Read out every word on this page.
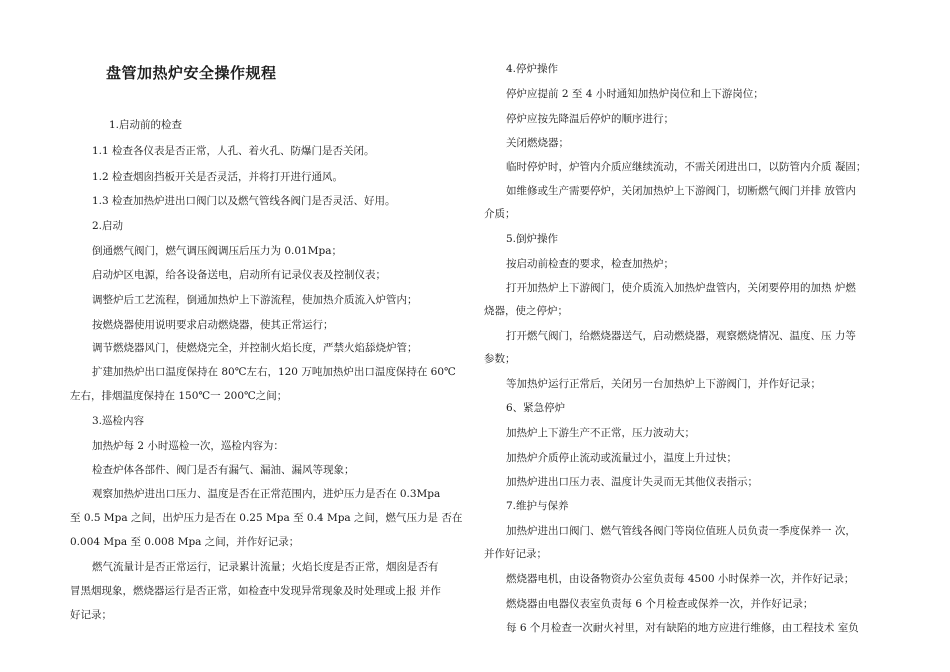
盘管加热炉安全操作规程
1.启动前的检查
1.1 检查各仪表是否正常，人孔、着火孔、防爆门是否关闭。
1.2 检查烟囱挡板开关是否灵活，并将打开进行通风。
1.3 检查加热炉进出口阀门以及燃气管线各阀门是否灵活、好用。
2.启动
倒通燃气阀门，燃气调压阀调压后压力为 0.01Mpa；
启动炉区电源，给各设备送电，启动所有记录仪表及控制仪表；
调整炉后工艺流程，倒通加热炉上下游流程，使加热介质流入炉管内；
按燃烧器使用说明要求启动燃烧器，使其正常运行；
调节燃烧器风门，使燃烧完全，并控制火焰长度，严禁火焰舔烧炉管；
扩建加热炉出口温度保持在 80℃左右，120 万吨加热炉出口温度保持在 60℃
左右，排烟温度保持在 150℃一 200℃之间；
3.巡检内容
加热炉每 2 小时巡检一次，巡检内容为：
检查炉体各部件、阀门是否有漏气、漏油、漏风等现象；
观察加热炉进出口压力、温度是否在正常范围内，进炉压力是否在 0.3Mpa
至 0.5 Mpa 之间，出炉压力是否在 0.25 Mpa 至 0.4 Mpa 之间，燃气压力是 否在
0.004 Mpa 至 0.008 Mpa 之间，并作好记录；
燃气流量计是否正常运行，记录累计流量；火焰长度是否正常，烟囱是否有
冒黑烟现象，燃烧器运行是否正常，如检查中发现异常现象及时处理或上报 并作
好记录；
4.停炉操作
停炉应提前 2 至 4 小时通知加热炉岗位和上下游岗位；
停炉应按先降温后停炉的顺序进行；
关闭燃烧器；
临时停炉时，炉管内介质应继续流动，不需关闭进出口，以防管内介质 凝固；
如维修或生产需要停炉，关闭加热炉上下游阀门，切断燃气阀门并排 放管内
介质；
5.倒炉操作
按启动前检查的要求，检查加热炉；
打开加热炉上下游阀门，使介质流入加热炉盘管内，关闭要停用的加热 炉燃
烧器，使之停炉；
打开燃气阀门，给燃烧器送气，启动燃烧器，观察燃烧情况、温度、压 力等
参数；
等加热炉运行正常后，关闭另一台加热炉上下游阀门，并作好记录；
6、紧急停炉
加热炉上下游生产不正常，压力波动大；
加热炉介质停止流动或流量过小，温度上升过快；
加热炉进出口压力表、温度计失灵而无其他仪表指示；
7.维护与保养
加热炉进出口阀门、燃气管线各阀门等岗位值班人员负责一季度保养一 次，
并作好记录；
燃烧器电机，由设备物资办公室负责每 4500 小时保养一次，并作好记录；
燃烧器由电器仪表室负责每 6 个月检查或保养一次，并作好记录；
每 6 个月检查一次耐火衬里，对有缺陷的地方应进行维修，由工程技术 室负
